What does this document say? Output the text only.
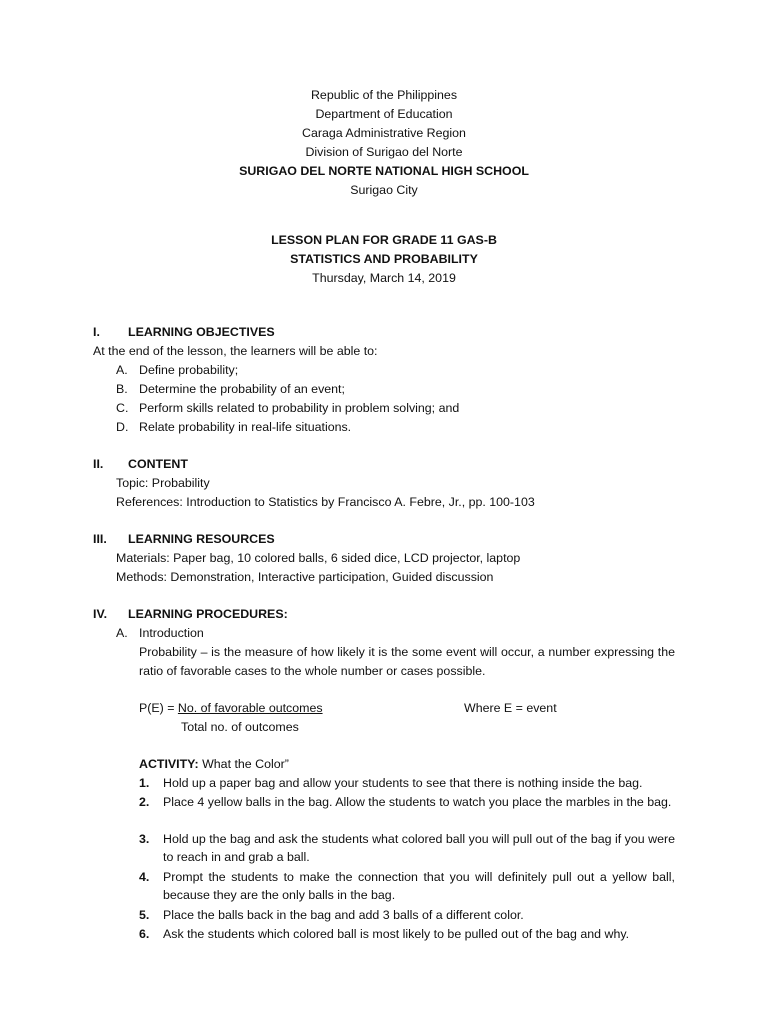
Republic of the Philippines
Department of Education
Caraga Administrative Region
Division of Surigao del Norte
SURIGAO DEL NORTE NATIONAL HIGH SCHOOL
Surigao City
LESSON PLAN FOR GRADE 11 GAS-B
STATISTICS AND PROBABILITY
Thursday, March 14, 2019
I. LEARNING OBJECTIVES
At the end of the lesson, the learners will be able to:
A. Define probability;
B. Determine the probability of an event;
C. Perform skills related to probability in problem solving; and
D. Relate probability in real-life situations.
II. CONTENT
Topic: Probability
References: Introduction to Statistics by Francisco A. Febre, Jr., pp. 100-103
III. LEARNING RESOURCES
Materials: Paper bag, 10 colored balls, 6 sided dice, LCD projector, laptop
Methods: Demonstration, Interactive participation, Guided discussion
IV. LEARNING PROCEDURES:
A. Introduction
Probability – is the measure of how likely it is the some event will occur, a number expressing the ratio of favorable cases to the whole number or cases possible.
P(E) = No. of favorable outcomes	Where E = event
Total no. of outcomes
ACTIVITY: What the Color”
1. Hold up a paper bag and allow your students to see that there is nothing inside the bag.
2.	Place 4 yellow balls in the bag. Allow the students to watch you place the marbles in the bag.
3.	Hold up the bag and ask the students what colored ball you will pull out of the bag if you were to reach in and grab a ball.
4.	Prompt the students to make the connection that you will definitely pull out a yellow ball, because they are the only balls in the bag.
5. Place the balls back in the bag and add 3 balls of a different color.
6. Ask the students which colored ball is most likely to be pulled out of the bag and why.
